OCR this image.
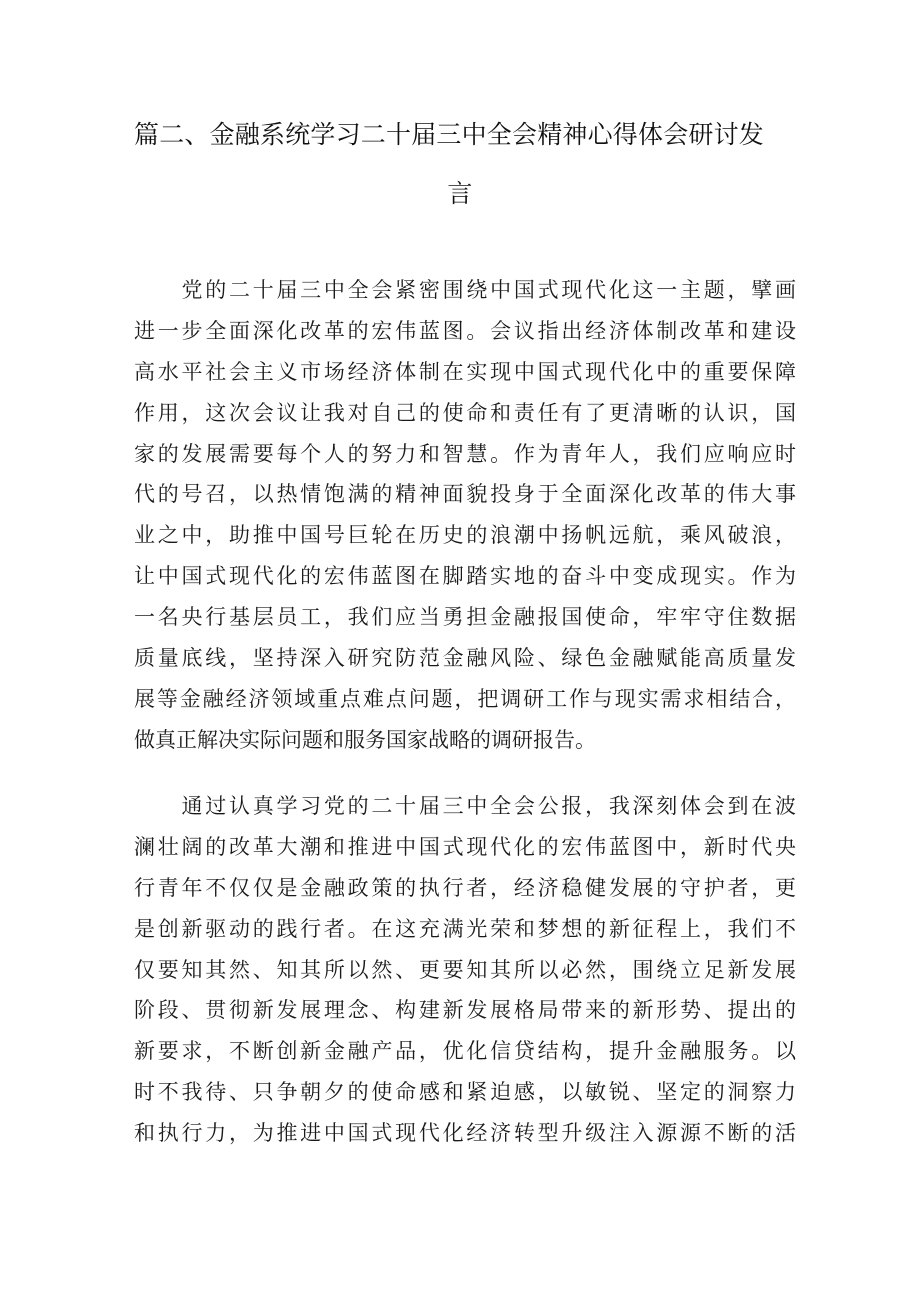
篇二、金融系统学习二十届三中全会精神心得体会研讨发
言
　　党的二十届三中全会紧密围绕中国式现代化这一主题，擘画
进一步全面深化改革的宏伟蓝图。会议指出经济体制改革和建设
高水平社会主义市场经济体制在实现中国式现代化中的重要保障
作用，这次会议让我对自己的使命和责任有了更清晰的认识，国
家的发展需要每个人的努力和智慧。作为青年人，我们应响应时
代的号召，以热情饱满的精神面貌投身于全面深化改革的伟大事
业之中，助推中国号巨轮在历史的浪潮中扬帆远航，乘风破浪，
让中国式现代化的宏伟蓝图在脚踏实地的奋斗中变成现实。作为
一名央行基层员工，我们应当勇担金融报国使命，牢牢守住数据
质量底线，坚持深入研究防范金融风险、绿色金融赋能高质量发
展等金融经济领域重点难点问题，把调研工作与现实需求相结合，
做真正解决实际问题和服务国家战略的调研报告。
　　通过认真学习党的二十届三中全会公报，我深刻体会到在波
澜壮阔的改革大潮和推进中国式现代化的宏伟蓝图中，新时代央
行青年不仅仅是金融政策的执行者，经济稳健发展的守护者，更
是创新驱动的践行者。在这充满光荣和梦想的新征程上，我们不
仅要知其然、知其所以然、更要知其所以必然，围绕立足新发展
阶段、贯彻新发展理念、构建新发展格局带来的新形势、提出的
新要求，不断创新金融产品，优化信贷结构，提升金融服务。以
时不我待、只争朝夕的使命感和紧迫感，以敏锐、坚定的洞察力
和执行力，为推进中国式现代化经济转型升级注入源源不断的活
